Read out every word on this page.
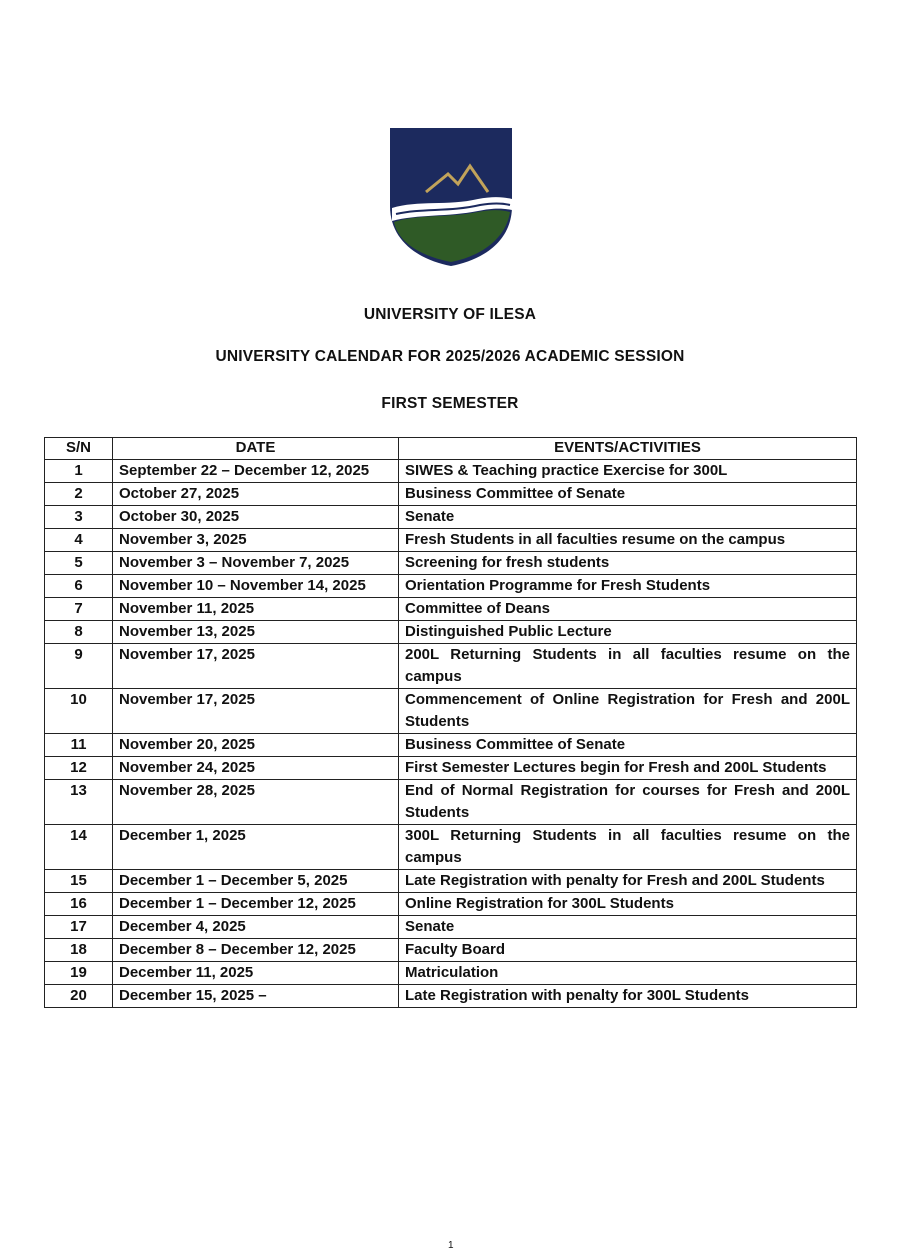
UNIVERSITY OF ILESA
UNIVERSITY CALENDAR FOR 2025/2026 ACADEMIC SESSION
FIRST SEMESTER
S/N	DATE	EVENTS/ACTIVITIES
1	September 22 – December 12, 2025	SIWES & Teaching practice Exercise for 300L
2	October 27, 2025	Business Committee of Senate
3	October 30, 2025	Senate
4	November 3, 2025	Fresh Students in all faculties resume on the campus
5	November 3 – November 7, 2025	Screening for fresh students
6	November 10 – November 14, 2025	Orientation Programme for Fresh Students
7	November 11, 2025	Committee of Deans
8	November 13, 2025	Distinguished Public Lecture
9	November 17, 2025	200L Returning Students in all faculties resume on the campus
10	November 17, 2025	Commencement of Online Registration for Fresh and 200L Students
11	November 20, 2025	Business Committee of Senate
12	November 24, 2025	First Semester Lectures begin for Fresh and 200L Students
13	November 28, 2025	End of Normal Registration for courses for Fresh and 200L Students
14	December 1, 2025	300L Returning Students in all faculties resume on the campus
15	December 1 – December 5, 2025	Late Registration with penalty for Fresh and 200L Students
16	December 1 – December 12, 2025	Online Registration for 300L Students
17	December 4, 2025	Senate
18	December 8 – December 12, 2025	Faculty Board
19	December 11, 2025	Matriculation
20	December 15, 2025 –	Late Registration with penalty for 300L Students
1
